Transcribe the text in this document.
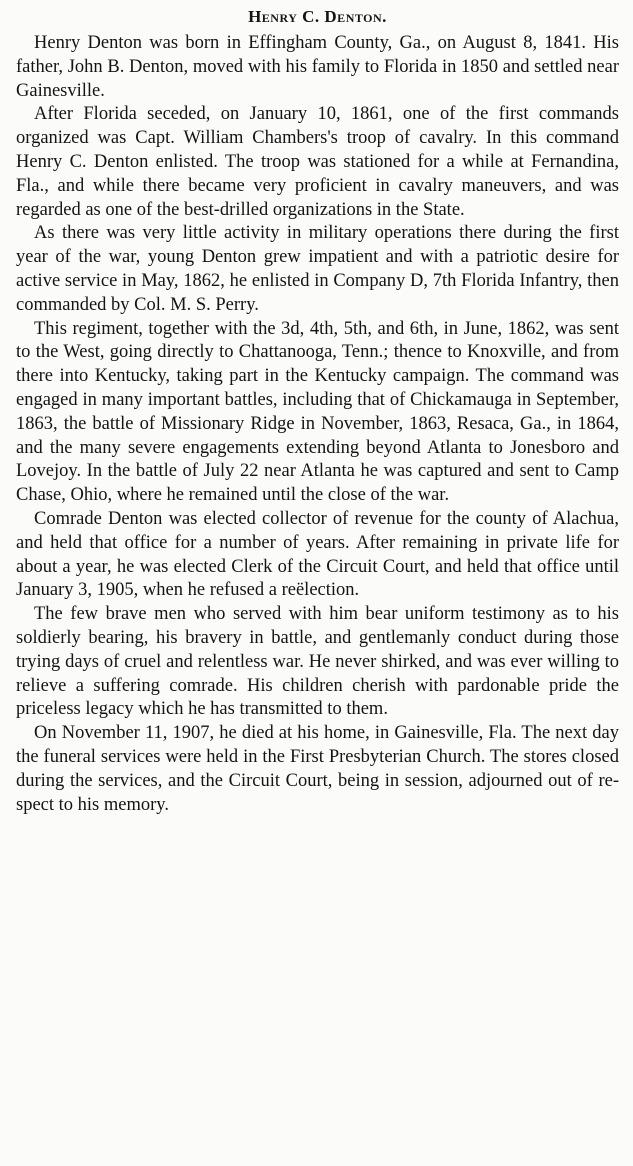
Henry C. Denton.

Henry Denton was born in Effingham County, Ga., on August 8, 1841. His father, John B. Denton, moved with his family to Florida in 1850 and settled near Gainesville.

After Florida seceded, on January 10, 1861, one of the first commands organized was Capt. William Chambers's troop of cavalry. In this command Henry C. Denton enlisted. The troop was stationed for a while at Fernandina, Fla., and while there became very proficient in cavalry maneuvers, and was regarded as one of the best-drilled organizations in the State.

As there was very little activity in military operations there during the first year of the war, young Denton grew impatient and with a patriotic desire for active service in May, 1862, he enlisted in Company D, 7th Florida Infantry, then commanded by Col. M. S. Perry.

This regiment, together with the 3d, 4th, 5th, and 6th, in June, 1862, was sent to the West, going directly to Chattanooga, Tenn.; thence to Knoxville, and from there into Kentucky, taking part in the Kentucky campaign. The command was engaged in many important battles, including that of Chickamauga in September, 1863, the battle of Missionary Ridge in November, 1863, Resaca, Ga., in 1864, and the many severe engagements extending beyond Atlanta to Jonesboro and Lovejoy. In the battle of July 22 near Atlanta he was captured and sent to Camp Chase, Ohio, where he remained until the close of the war.

Comrade Denton was elected collector of revenue for the county of Alachua, and held that office for a number of years. After remaining in private life for about a year, he was elected Clerk of the Circuit Court, and held that office until January 3, 1905, when he refused a reëlection.

The few brave men who served with him bear uniform testimony as to his soldierly bearing, his bravery in battle, and gentlemanly conduct during those trying days of cruel and relentless war. He never shirked, and was ever willing to relieve a suffering comrade. His children cherish with pardonable pride the priceless legacy which he has transmitted to them.

On November 11, 1907, he died at his home, in Gainesville, Fla. The next day the funeral services were held in the First Presbyterian Church. The stores closed during the services, and the Circuit Court, being in session, adjourned out of respect to his memory.
